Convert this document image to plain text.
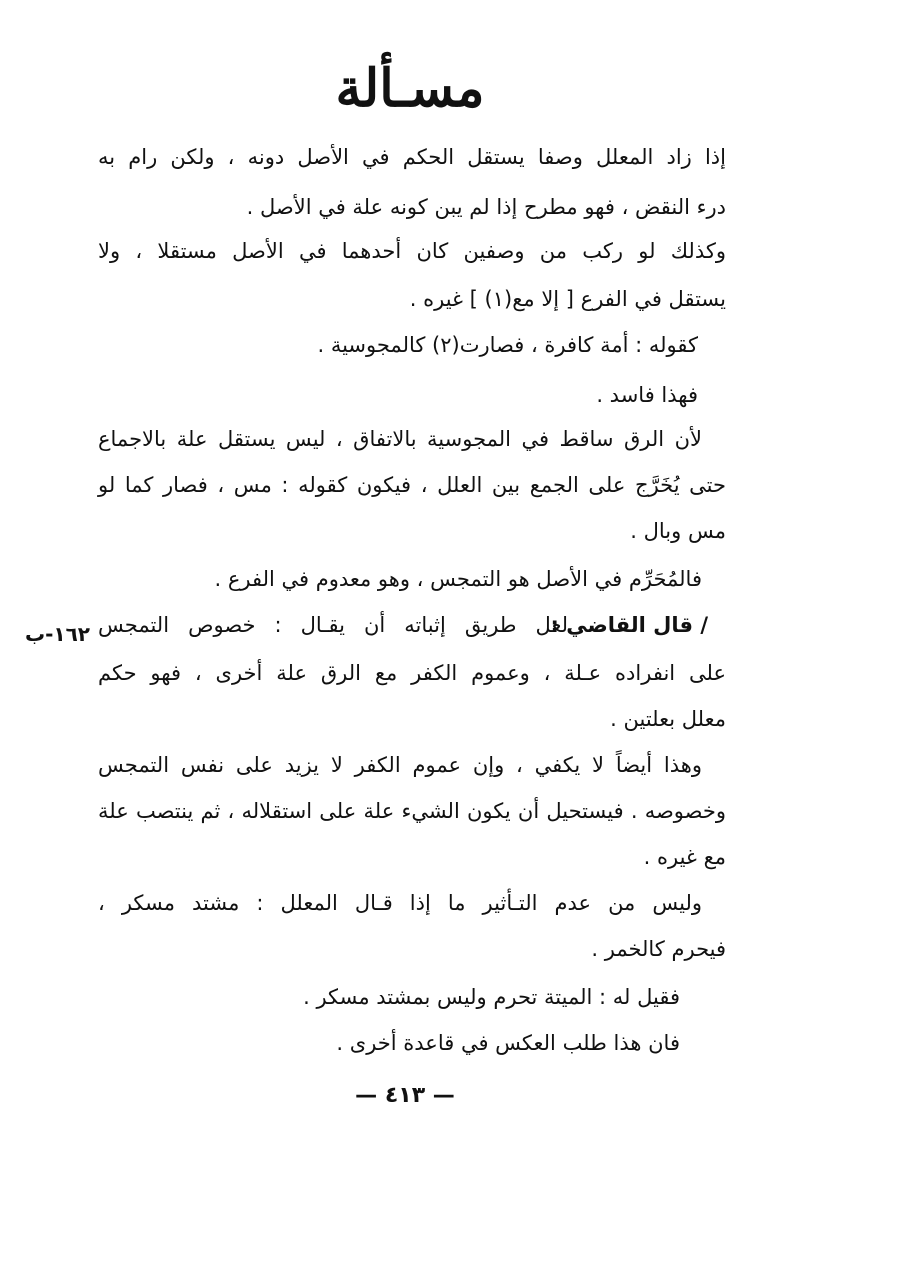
مسـألة
١٦٢-ب
إذا زاد المعلل وصفا يستقل الحكم في الأصل دونه ، ولكن رام به
درء النقض ، فهو مطرح إذا لم يبن كونه علة في الأصل .
وكذلك لو ركب من وصفين كان أحدهما في الأصل مستقلا ، ولا
يستقل في الفرع [ إلا مع(١) ] غيره .
كقوله : أمة كافرة ، فصارت(٢) كالمجوسية .
فهذا فاسد .
لأن الرق ساقط في المجوسية بالاتفاق ، ليس يستقل علة بالاجماع
حتى يُخَرَّج على الجمع بين العلل ، فيكون كقوله : مس ، فصار كما لو
مس وبال .
فالمُحَرِّم في الأصل هو التمجس ، وهو معدوم في الفرع .
/ قال القاضي :
لعل طريق إثباته أن يقـال : خصوص التمجس
على انفراده عـلة ، وعموم الكفر مع الرق علة أخرى ، فهو حكم
معلل بعلتين .
وهذا أيضاً لا يكفي ، وإن عموم الكفر لا يزيد على نفس التمجس
وخصوصه . فيستحيل أن يكون الشيء علة على استقلاله ، ثم ينتصب علة
مع غيره .
وليس من عدم التـأثير ما إذا قـال المعلل : مشتد مسكر ،
فيحرم كالخمر .
فقيل له : الميتة تحرم وليس بمشتد مسكر .
فان هذا طلب العكس في قاعدة أخرى .
— ٤١٣ —
